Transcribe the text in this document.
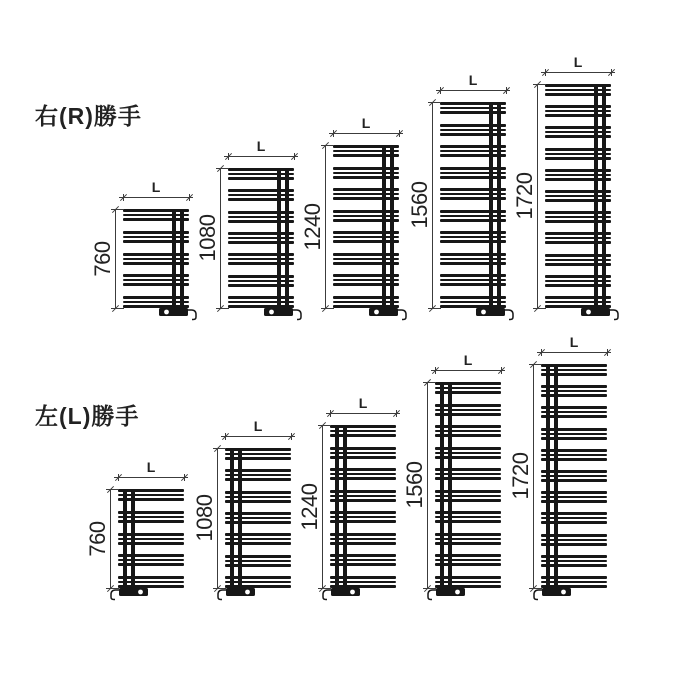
右(R)勝手
左(L)勝手
L
760
L
1080
L
1240
L
1560
L
1720
L
760
L
1080
L
1240
L
1560
L
1720
